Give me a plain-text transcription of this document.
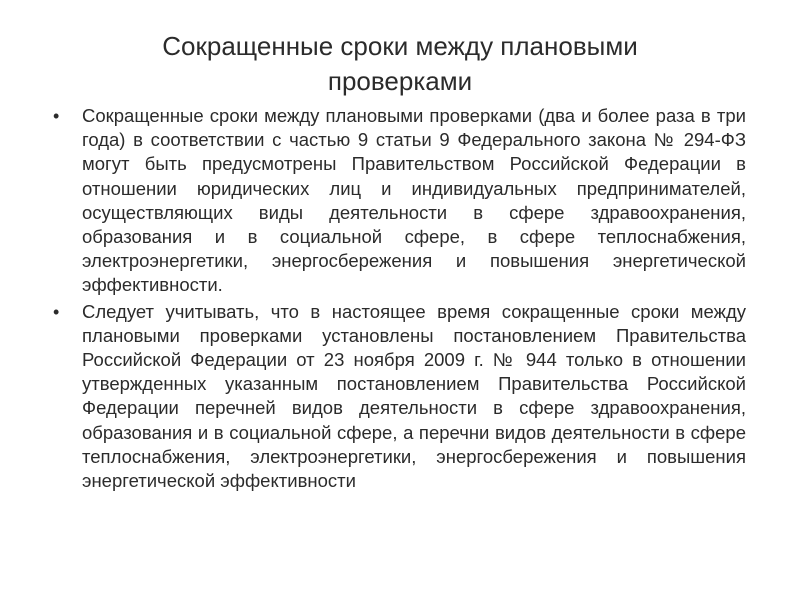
Сокращенные сроки между плановыми проверками
• Сокращенные сроки между плановыми проверками (два и более раза в три года) в соответствии с частью 9 статьи 9 Федерального закона № 294-ФЗ могут быть предусмотрены Правительством Российской Федерации в отношении юридических лиц и индивидуальных предпринимателей, осуществляющих виды деятельности в сфере здравоохранения, образования и в социальной сфере, в сфере теплоснабжения, электроэнергетики, энергосбережения и повышения энергетической эффективности.
• Следует учитывать, что в настоящее время сокращенные сроки между плановыми проверками установлены постановлением Правительства Российской Федерации от 23 ноября 2009 г. № 944 только в отношении утвержденных указанным постановлением Правительства Российской Федерации перечней видов деятельности в сфере здравоохранения, образования и в социальной сфере, а перечни видов деятельности в сфере теплоснабжения, электроэнергетики, энергосбережения и повышения энергетической эффективности
